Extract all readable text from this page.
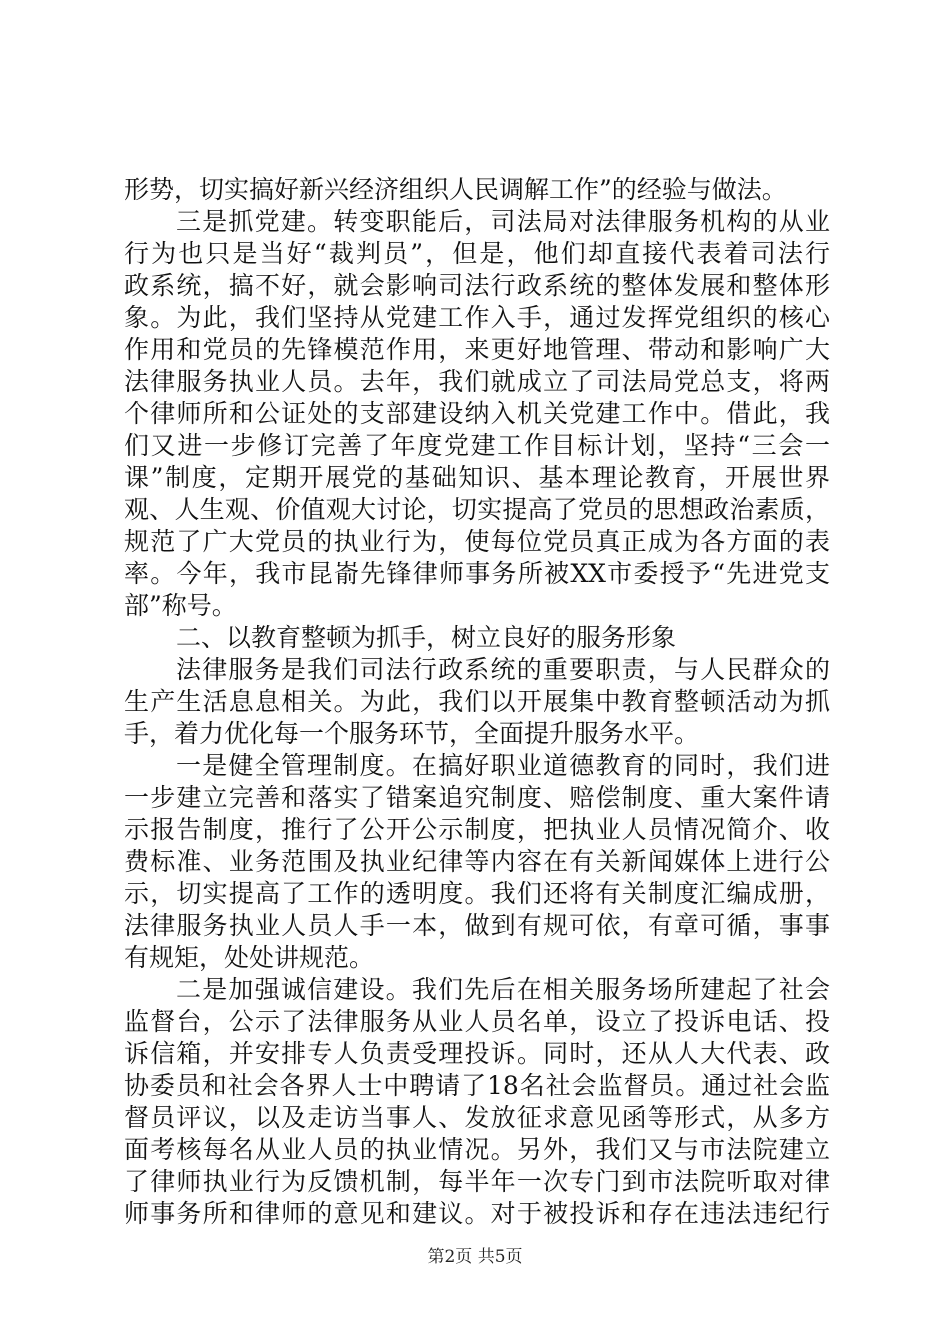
形势，切实搞好新兴经济组织人民调解工作”的经验与做法。
三是抓党建。转变职能后，司法局对法律服务机构的从业
行为也只是当好“裁判员”，但是，他们却直接代表着司法行
政系统，搞不好，就会影响司法行政系统的整体发展和整体形
象。为此，我们坚持从党建工作入手，通过发挥党组织的核心
作用和党员的先锋模范作用，来更好地管理、带动和影响广大
法律服务执业人员。去年，我们就成立了司法局党总支，将两
个律师所和公证处的支部建设纳入机关党建工作中。借此，我
们又进一步修订完善了年度党建工作目标计划，坚持“三会一
课”制度，定期开展党的基础知识、基本理论教育，开展世界
观、人生观、价值观大讨论，切实提高了党员的思想政治素质，
规范了广大党员的执业行为，使每位党员真正成为各方面的表
率。今年，我市昆嵛先锋律师事务所被XX市委授予“先进党支
部”称号。
二、以教育整顿为抓手，树立良好的服务形象
法律服务是我们司法行政系统的重要职责，与人民群众的
生产生活息息相关。为此，我们以开展集中教育整顿活动为抓
手，着力优化每一个服务环节，全面提升服务水平。
一是健全管理制度。在搞好职业道德教育的同时，我们进
一步建立完善和落实了错案追究制度、赔偿制度、重大案件请
示报告制度，推行了公开公示制度，把执业人员情况简介、收
费标准、业务范围及执业纪律等内容在有关新闻媒体上进行公
示，切实提高了工作的透明度。我们还将有关制度汇编成册，
法律服务执业人员人手一本，做到有规可依，有章可循，事事
有规矩，处处讲规范。
二是加强诚信建设。我们先后在相关服务场所建起了社会
监督台，公示了法律服务从业人员名单，设立了投诉电话、投
诉信箱，并安排专人负责受理投诉。同时，还从人大代表、政
协委员和社会各界人士中聘请了18名社会监督员。通过社会监
督员评议，以及走访当事人、发放征求意见函等形式，从多方
面考核每名从业人员的执业情况。另外，我们又与市法院建立
了律师执业行为反馈机制，每半年一次专门到市法院听取对律
师事务所和律师的意见和建议。对于被投诉和存在违法违纪行
第2页 共5页
